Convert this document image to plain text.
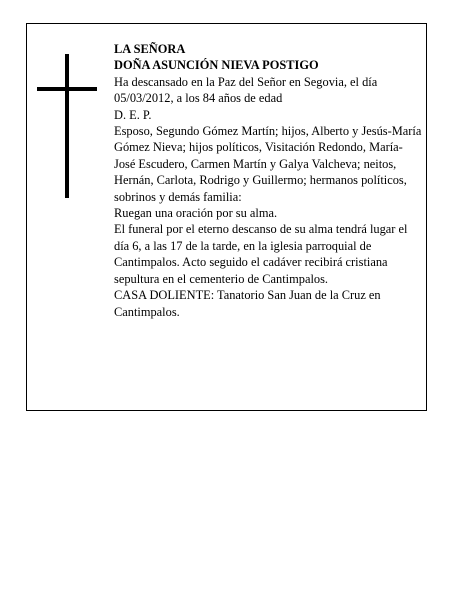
LA SEÑORA

DOÑA ASUNCIÓN NIEVA POSTIGO

Ha descansado en la Paz del Señor en Segovia, el día 05/03/2012, a los 84 años de edad

D. E. P.

Esposo, Segundo Gómez Martín; hijos, Alberto y Jesús-María Gómez Nieva; hijos políticos, Visitación Redondo, María-José Escudero, Carmen Martín y Galya Valcheva; neitos, Hernán, Carlota, Rodrigo y Guillermo; hermanos políticos, sobrinos y demás familia:

Ruegan una oración por su alma.

El funeral por el eterno descanso de su alma tendrá lugar el día 6, a las 17 de la tarde, en la iglesia parroquial de Cantimpalos. Acto seguido el cadáver recibirá cristiana sepultura en el cementerio de Cantimpalos.

CASA DOLIENTE: Tanatorio San Juan de la Cruz en Cantimpalos.
